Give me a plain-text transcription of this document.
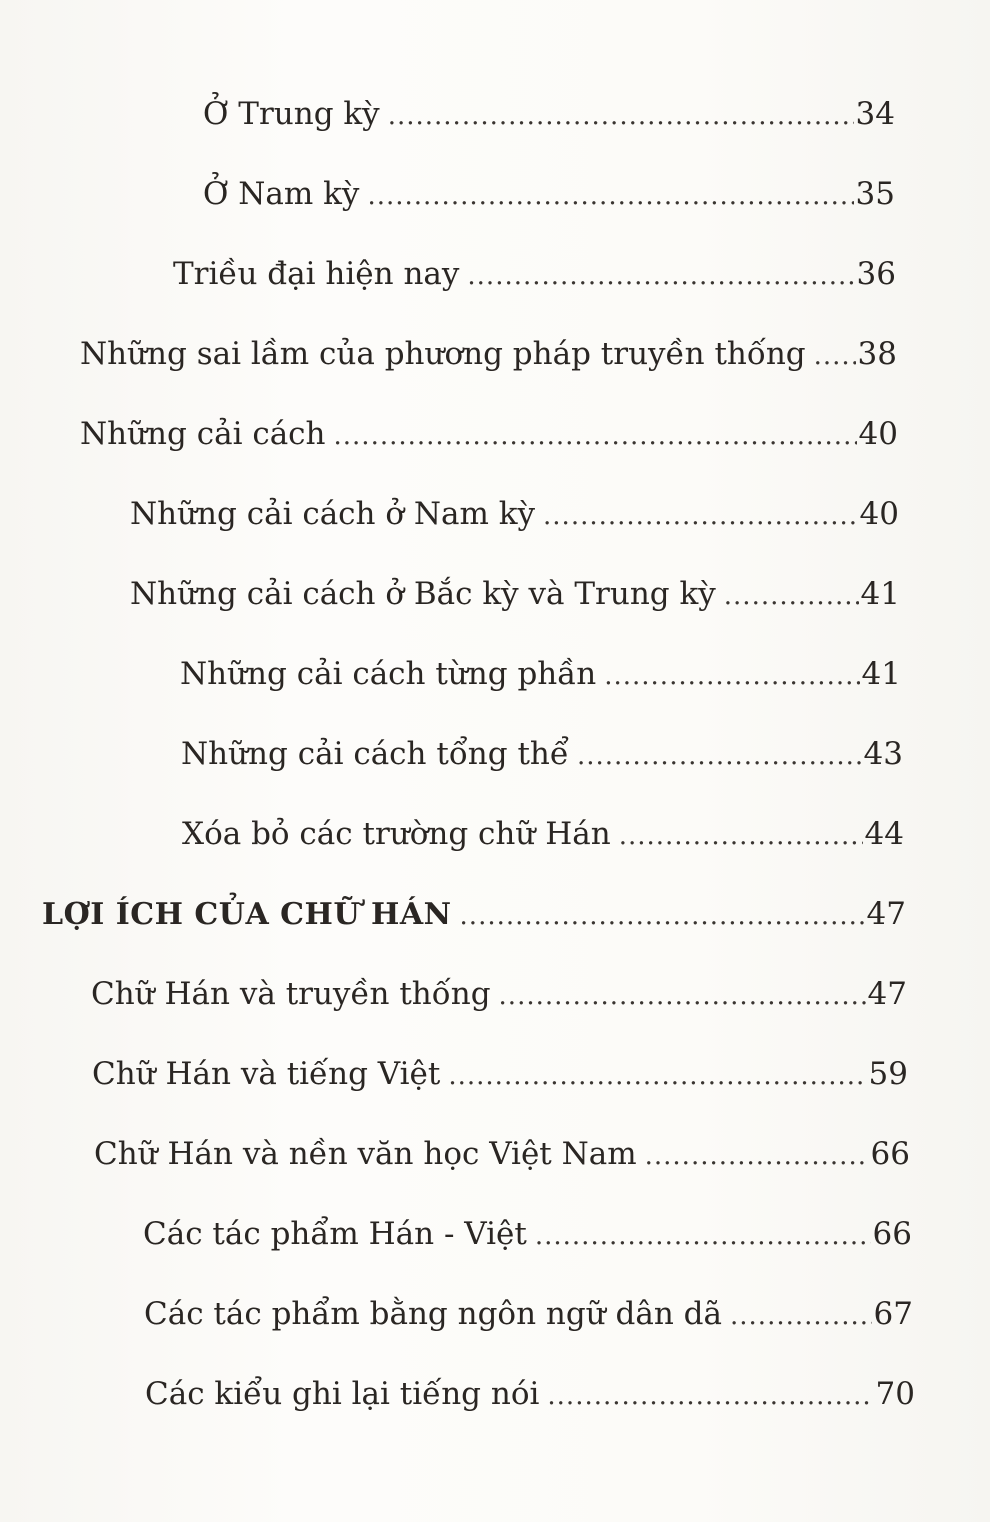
Ở Trung kỳ .....	34
Ở Nam kỳ .....	35
Triều đại hiện nay .....	36
Những sai lầm của phương pháp truyền thống ..... 38
Những cải cách .....	40
Những cải cách ở Nam kỳ .....	40
Những cải cách ở Bắc kỳ và Trung kỳ .....	41
Những cải cách từng phần .....	41
Những cải cách tổng thể .....	43
Xóa bỏ các trường chữ Hán .....	44
LỢI ÍCH CỦA CHỮ HÁN .....	47
Chữ Hán và truyền thống .....	47
Chữ Hán và tiếng Việt .....	59
Chữ Hán và nền văn học Việt Nam .....	66
Các tác phẩm Hán - Việt .....	66
Các tác phẩm bằng ngôn ngữ dân dã .....	67
Các kiểu ghi lại tiếng nói .....	70
